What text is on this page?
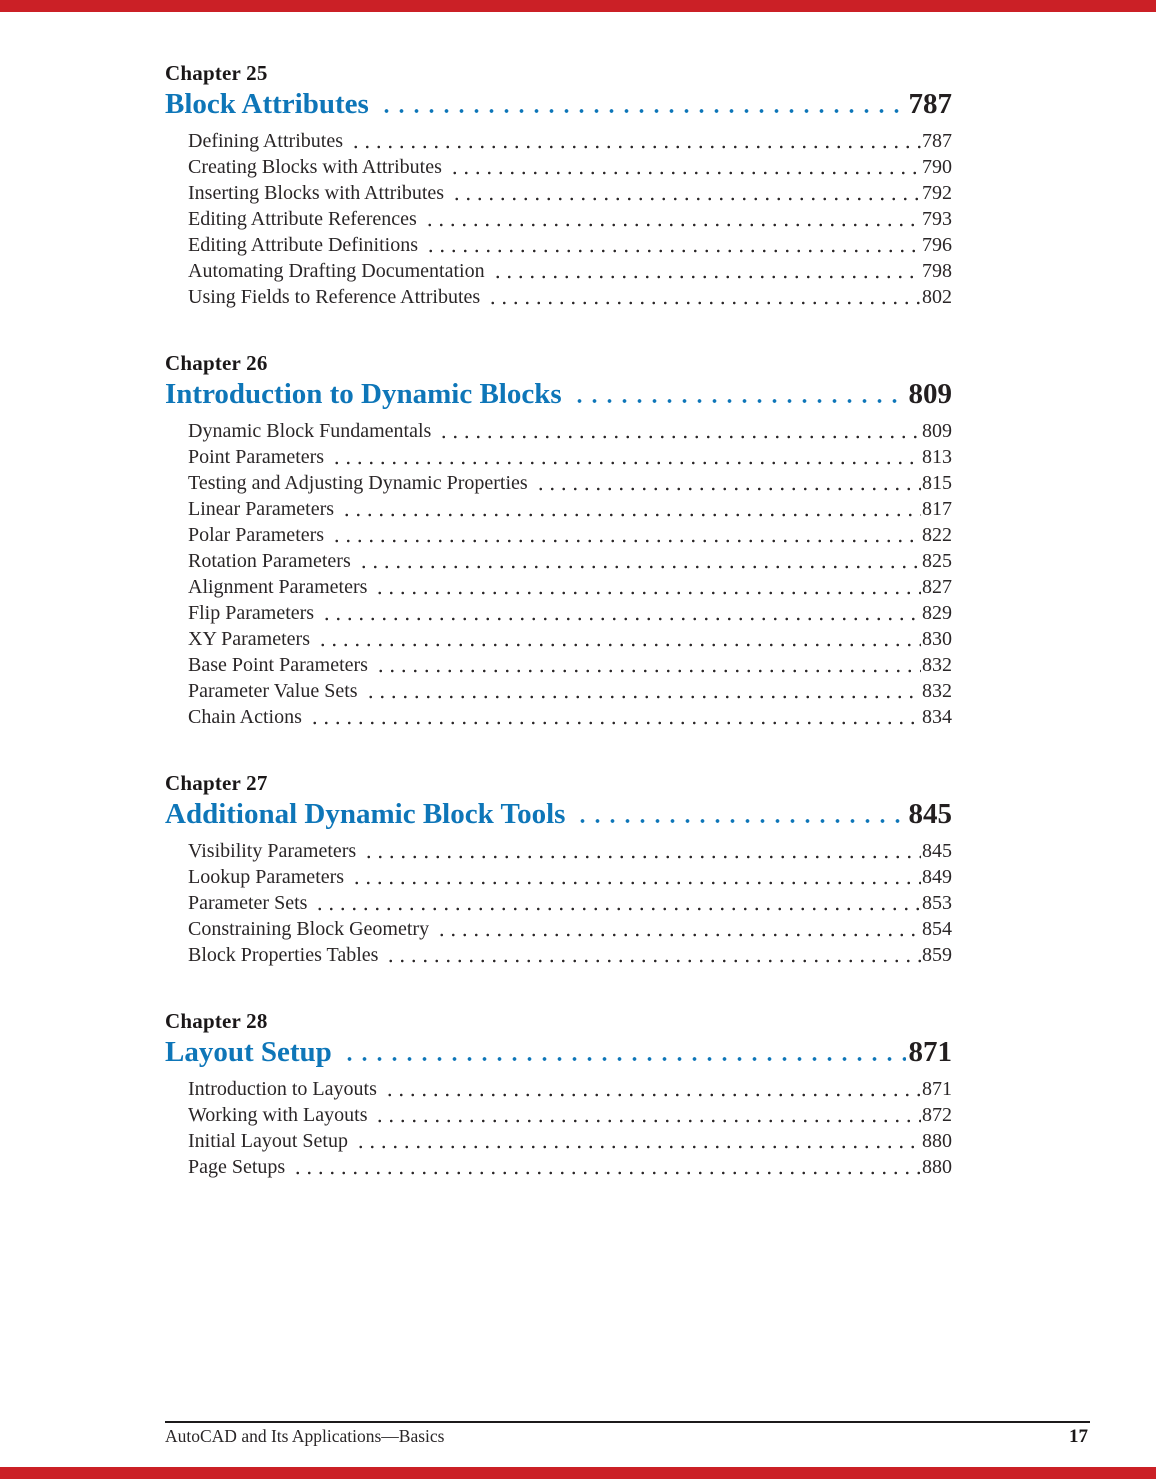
Chapter 25
Block Attributes	787
Defining Attributes	787
Creating Blocks with Attributes	790
Inserting Blocks with Attributes	792
Editing Attribute References	793
Editing Attribute Definitions	796
Automating Drafting Documentation	798
Using Fields to Reference Attributes	802
Chapter 26
Introduction to Dynamic Blocks	809
Dynamic Block Fundamentals	809
Point Parameters	813
Testing and Adjusting Dynamic Properties	815
Linear Parameters	817
Polar Parameters	822
Rotation Parameters	825
Alignment Parameters	827
Flip Parameters	829
XY Parameters	830
Base Point Parameters	832
Parameter Value Sets	832
Chain Actions	834
Chapter 27
Additional Dynamic Block Tools	845
Visibility Parameters	845
Lookup Parameters	849
Parameter Sets	853
Constraining Block Geometry	854
Block Properties Tables	859
Chapter 28
Layout Setup	871
Introduction to Layouts	871
Working with Layouts	872
Initial Layout Setup	880
Page Setups	880
AutoCAD and Its Applications—Basics	17
